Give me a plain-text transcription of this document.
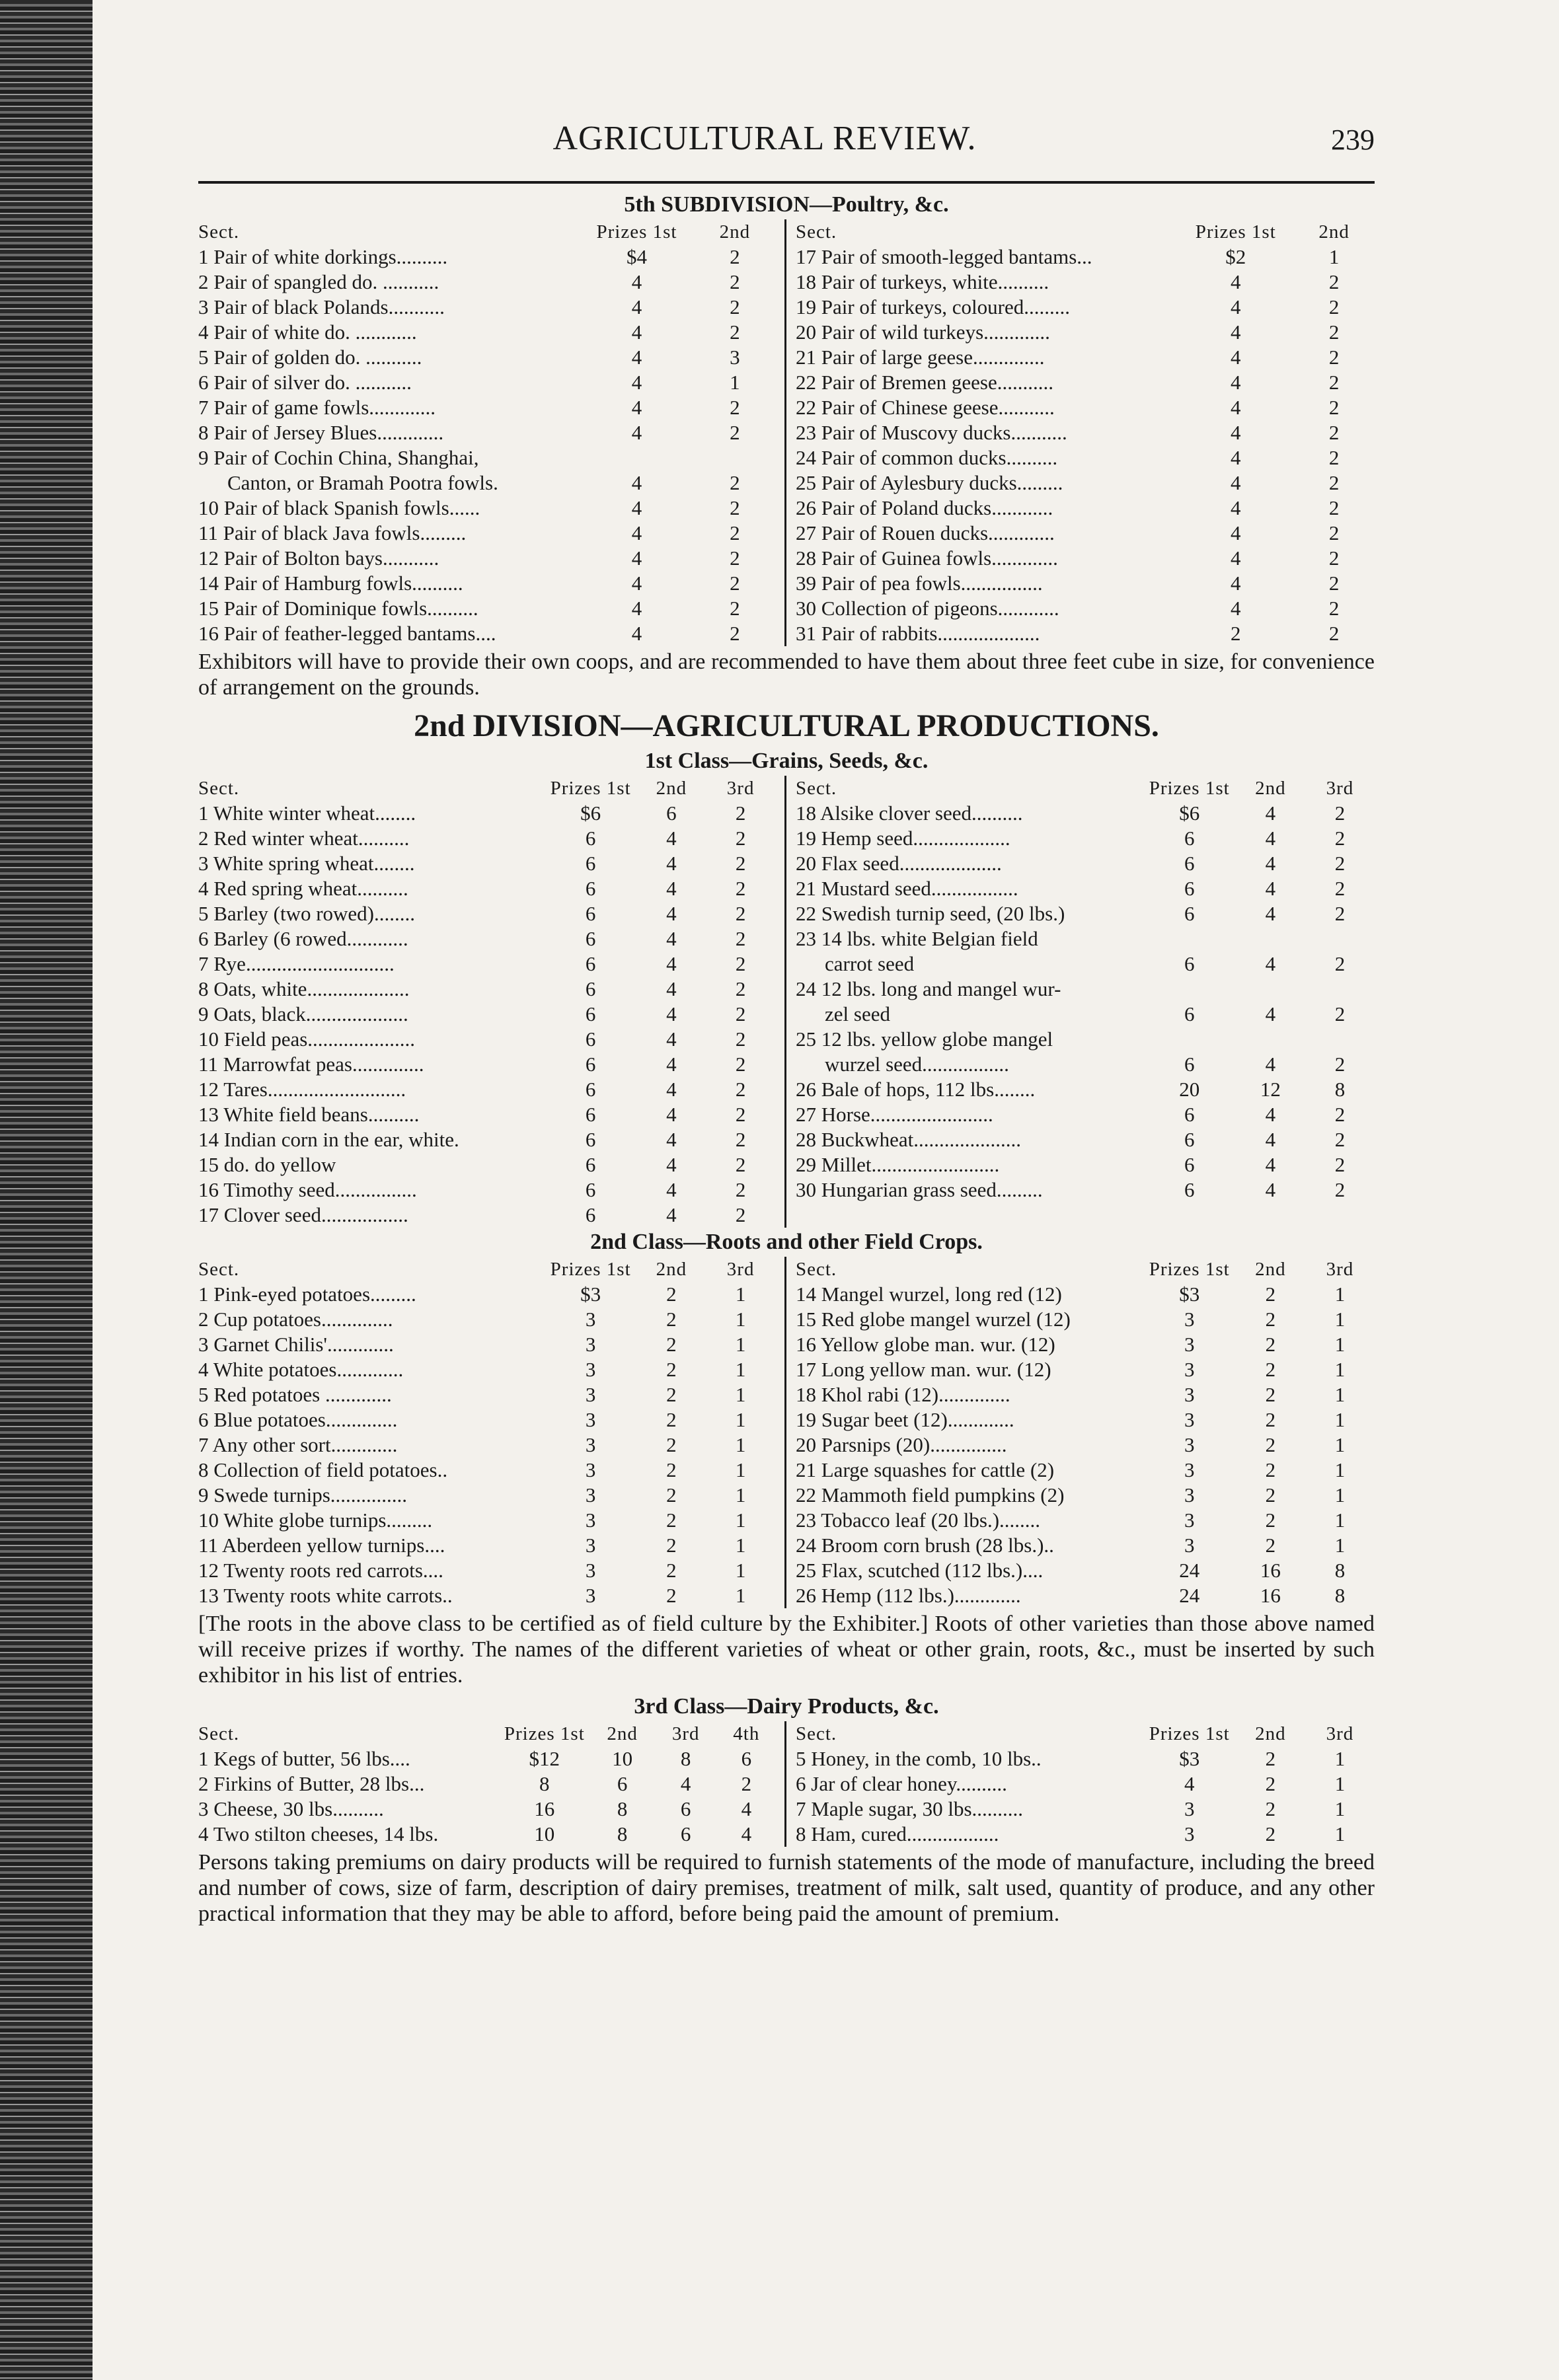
AGRICULTURAL REVIEW.	239
5th SUBDIVISION—Poultry, &c.
Sect.	Prizes 1st	2nd
1 Pair of white dorkings..........	$4	2
2 Pair of spangled do. ...........	4	2
3 Pair of black Polands...........	4	2
4 Pair of white do. ............	4	2
5 Pair of golden do. ...........	4	3
6 Pair of silver do. ...........	4	1
7 Pair of game fowls.............	4	2
8 Pair of Jersey Blues.............	4	2
9 Pair of Cochin China, Shanghai,		
Canton, or Bramah Pootra fowls.	4	2
10 Pair of black Spanish fowls......	4	2
11 Pair of black Java fowls.........	4	2
12 Pair of Bolton bays...........	4	2
14 Pair of Hamburg fowls..........	4	2
15 Pair of Dominique fowls..........	4	2
16 Pair of feather-legged bantams....	4	2
Sect.	Prizes 1st	2nd
17 Pair of smooth-legged bantams...	$2	1
18 Pair of turkeys, white..........	4	2
19 Pair of turkeys, coloured.........	4	2
20 Pair of wild turkeys.............	4	2
21 Pair of large geese..............	4	2
22 Pair of Bremen geese...........	4	2
22 Pair of Chinese geese...........	4	2
23 Pair of Muscovy ducks...........	4	2
24 Pair of common ducks..........	4	2
25 Pair of Aylesbury ducks.........	4	2
26 Pair of Poland ducks............	4	2
27 Pair of Rouen ducks.............	4	2
28 Pair of Guinea fowls.............	4	2
39 Pair of pea fowls................	4	2
30 Collection of pigeons............	4	2
31 Pair of rabbits....................	2	2

Exhibitors will have to provide their own coops, and are recommended to have them about three feet cube in size, for convenience of arrangement on the grounds.

2nd DIVISION—AGRICULTURAL PRODUCTIONS.
1st Class—Grains, Seeds, &c.
Sect.	Prizes 1st	2nd	3rd
1 White winter wheat........	$6	6	2
2 Red winter wheat..........	6	4	2
3 White spring wheat........	6	4	2
4 Red spring wheat..........	6	4	2
5 Barley (two rowed)........	6	4	2
6 Barley (6 rowed............	6	4	2
7 Rye.............................	6	4	2
8 Oats, white....................	6	4	2
9 Oats, black....................	6	4	2
10 Field peas.....................	6	4	2
11 Marrowfat peas..............	6	4	2
12 Tares...........................	6	4	2
13 White field beans..........	6	4	2
14 Indian corn in the ear, white.	6	4	2
15 do. do yellow	6	4	2
16 Timothy seed................	6	4	2
17 Clover seed.................	6	4	2
Sect.	Prizes 1st	2nd	3rd
18 Alsike clover seed..........	$6	4	2
19 Hemp seed...................	6	4	2
20 Flax seed....................	6	4	2
21 Mustard seed.................	6	4	2
22 Swedish turnip seed, (20 lbs.)	6	4	2
23 14 lbs. white Belgian field			
carrot seed	6	4	2
24 12 lbs. long and mangel wur-			
zel seed	6	4	2
25 12 lbs. yellow globe mangel			
wurzel seed.................	6	4	2
26 Bale of hops, 112 lbs........	20	12	8
27 Horse........................	6	4	2
28 Buckwheat.....................	6	4	2
29 Millet.........................	6	4	2
30 Hungarian grass seed.........	6	4	2
2nd Class—Roots and other Field Crops.
Sect.	Prizes 1st	2nd	3rd
1 Pink-eyed potatoes.........	$3	2	1
2 Cup potatoes..............	3	2	1
3 Garnet Chilis'.............	3	2	1
4 White potatoes.............	3	2	1
5 Red potatoes .............	3	2	1
6 Blue potatoes..............	3	2	1
7 Any other sort.............	3	2	1
8 Collection of field potatoes..	3	2	1
9 Swede turnips...............	3	2	1
10 White globe turnips.........	3	2	1
11 Aberdeen yellow turnips....	3	2	1
12 Twenty roots red carrots....	3	2	1
13 Twenty roots white carrots..	3	2	1
Sect.	Prizes 1st	2nd	3rd
14 Mangel wurzel, long red (12)	$3	2	1
15 Red globe mangel wurzel (12)	3	2	1
16 Yellow globe man. wur. (12)	3	2	1
17 Long yellow man. wur. (12)	3	2	1
18 Khol rabi (12)..............	3	2	1
19 Sugar beet (12).............	3	2	1
20 Parsnips (20)...............	3	2	1
21 Large squashes for cattle (2)	3	2	1
22 Mammoth field pumpkins (2)	3	2	1
23 Tobacco leaf (20 lbs.)........	3	2	1
24 Broom corn brush (28 lbs.)..	3	2	1
25 Flax, scutched (112 lbs.)....	24	16	8
26 Hemp (112 lbs.).............	24	16	8

[The roots in the above class to be certified as of field culture by the Exhibiter.] Roots of other varieties than those above named will receive prizes if worthy. The names of the different varieties of wheat or other grain, roots, &c., must be inserted by such exhibitor in his list of entries.

3rd Class—Dairy Products, &c.
Sect.	Prizes 1st	2nd	3rd	4th
1 Kegs of butter, 56 lbs....	$12	10	8	6
2 Firkins of Butter, 28 lbs...	8	6	4	2
3 Cheese, 30 lbs..........	16	8	6	4
4 Two stilton cheeses, 14 lbs.	10	8	6	4
Sect.	Prizes 1st	2nd	3rd
5 Honey, in the comb, 10 lbs..	$3	2	1
6 Jar of clear honey..........	4	2	1
7 Maple sugar, 30 lbs..........	3	2	1
8 Ham, cured..................	3	2	1

Persons taking premiums on dairy products will be required to furnish statements of the mode of manufacture, including the breed and number of cows, size of farm, description of dairy premises, treatment of milk, salt used, quantity of produce, and any other practical information that they may be able to afford, before being paid the amount of premium.
